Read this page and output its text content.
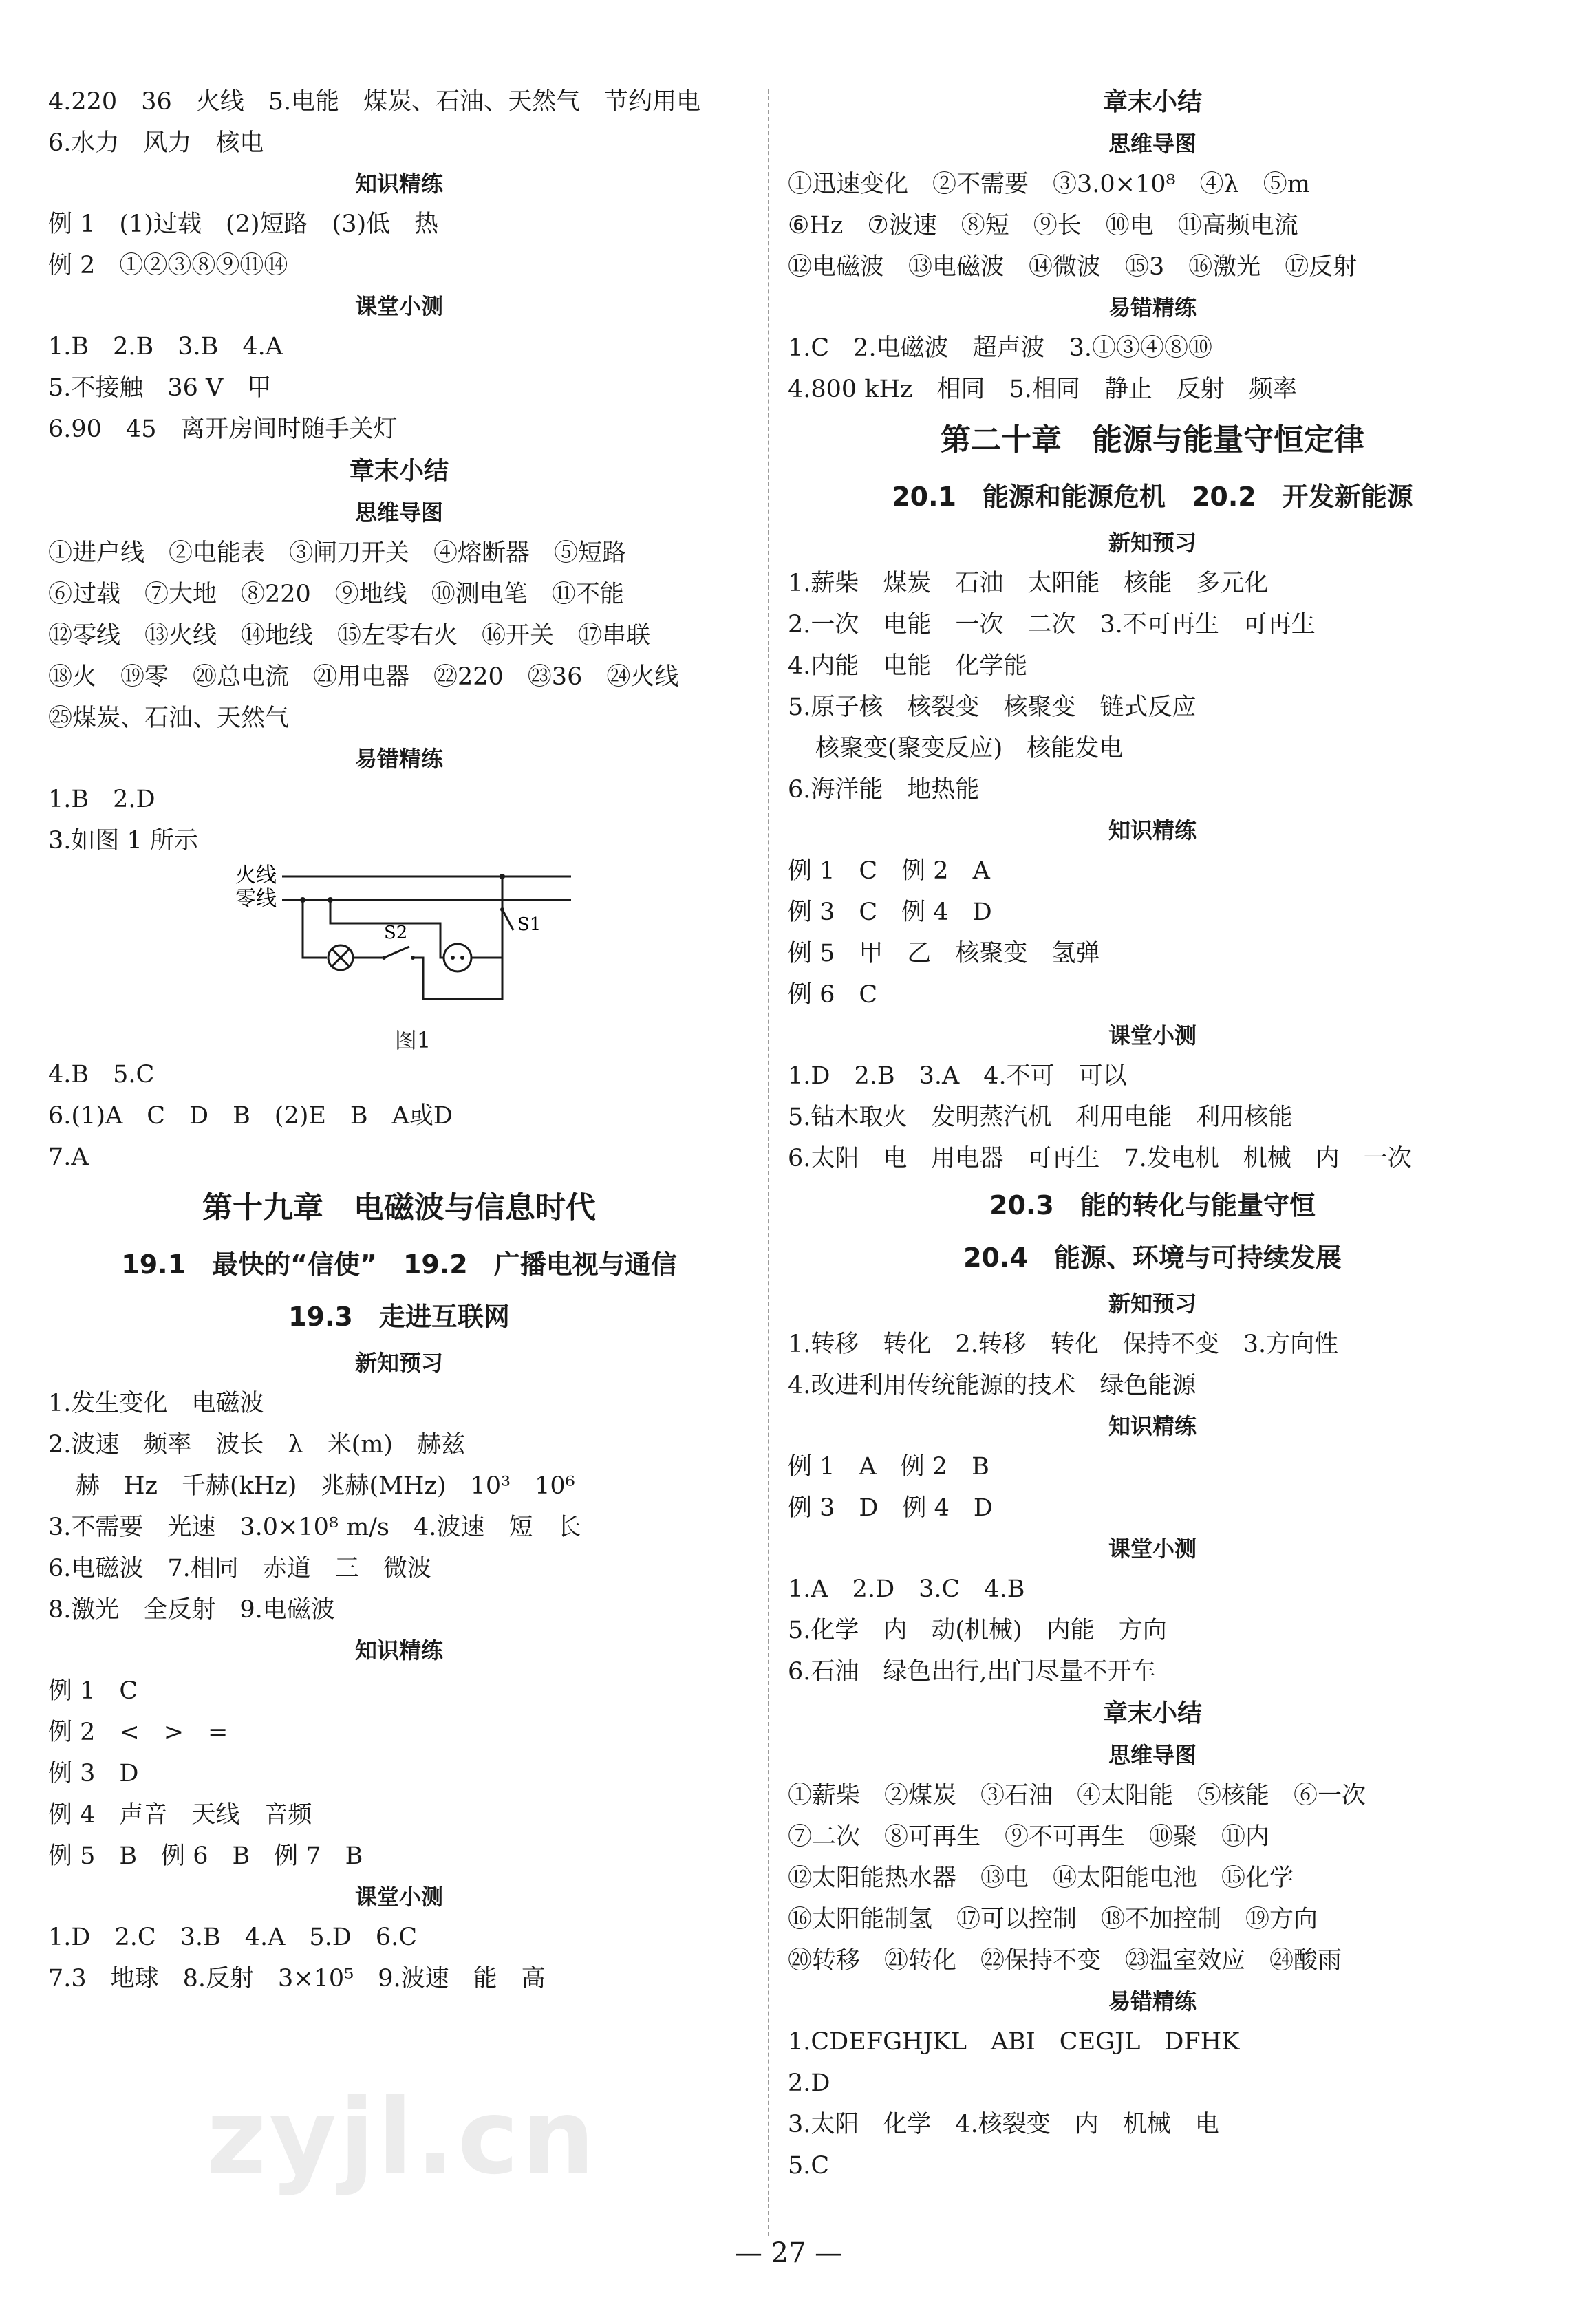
zyjl.cn
4.220　36　火线　5.电能　煤炭、石油、天然气　节约用电
6.水力　风力　核电
知识精练
例 1　(1)过载　(2)短路　(3)低　热
例 2　①②③⑧⑨⑪⑭
课堂小测
1.B　2.B　3.B　4.A
5.不接触　36 V　甲
6.90　45　离开房间时随手关灯
章末小结
思维导图
①进户线　②电能表　③闸刀开关　④熔断器　⑤短路
⑥过载　⑦大地　⑧220　⑨地线　⑩测电笔　⑪不能
⑫零线　⑬火线　⑭地线　⑮左零右火　⑯开关　⑰串联
⑱火　⑲零　⑳总电流　㉑用电器　㉒220　㉓36　㉔火线
㉕煤炭、石油、天然气
易错精练
1.B　2.D
3.如图 1 所示
火线
零线
S2	S1
图1
4.B　5.C
6.(1)A　C　D　B　(2)E　B　A或D
7.A
第十九章　电磁波与信息时代
19.1　最快的“信使”　19.2　广播电视与通信
19.3　走进互联网
新知预习
1.发生变化　电磁波
2.波速　频率　波长　λ　米(m)　赫兹
赫　Hz　千赫(kHz)　兆赫(MHz)　10³　10⁶
3.不需要　光速　3.0×10⁸ m/s　4.波速　短　长
6.电磁波　7.相同　赤道　三　微波
8.激光　全反射　9.电磁波
知识精练
例 1　C
例 2　<　>　=
例 3　D
例 4　声音　天线　音频
例 5　B　例 6　B　例 7　B
课堂小测
1.D　2.C　3.B　4.A　5.D　6.C
7.3　地球　8.反射　3×10⁵　9.波速　能　高
章末小结
思维导图
①迅速变化　②不需要　③3.0×10⁸　④λ　⑤m
⑥Hz　⑦波速　⑧短　⑨长　⑩电　⑪高频电流
⑫电磁波　⑬电磁波　⑭微波　⑮3　⑯激光　⑰反射
易错精练
1.C　2.电磁波　超声波　3.①③④⑧⑩
4.800 kHz　相同　5.相同　静止　反射　频率
第二十章　能源与能量守恒定律
20.1　能源和能源危机　20.2　开发新能源
新知预习
1.薪柴　煤炭　石油　太阳能　核能　多元化
2.一次　电能　一次　二次　3.不可再生　可再生
4.内能　电能　化学能
5.原子核　核裂变　核聚变　链式反应
核聚变(聚变反应)　核能发电
6.海洋能　地热能
知识精练
例 1　C　例 2　A
例 3　C　例 4　D
例 5　甲　乙　核聚变　氢弹
例 6　C
课堂小测
1.D　2.B　3.A　4.不可　可以
5.钻木取火　发明蒸汽机　利用电能　利用核能
6.太阳　电　用电器　可再生　7.发电机　机械　内　一次
20.3　能的转化与能量守恒
20.4　能源、环境与可持续发展
新知预习
1.转移　转化　2.转移　转化　保持不变　3.方向性
4.改进利用传统能源的技术　绿色能源
知识精练
例 1　A　例 2　B
例 3　D　例 4　D
课堂小测
1.A　2.D　3.C　4.B
5.化学　内　动(机械)　内能　方向
6.石油　绿色出行,出门尽量不开车
章末小结
思维导图
①薪柴　②煤炭　③石油　④太阳能　⑤核能　⑥一次
⑦二次　⑧可再生　⑨不可再生　⑩聚　⑪内
⑫太阳能热水器　⑬电　⑭太阳能电池　⑮化学
⑯太阳能制氢　⑰可以控制　⑱不加控制　⑲方向
⑳转移　㉑转化　㉒保持不变　㉓温室效应　㉔酸雨
易错精练
1.CDEFGHJKL　ABI　CEGJL　DFHK
2.D
3.太阳　化学　4.核裂变　内　机械　电
5.C
— 27 —
